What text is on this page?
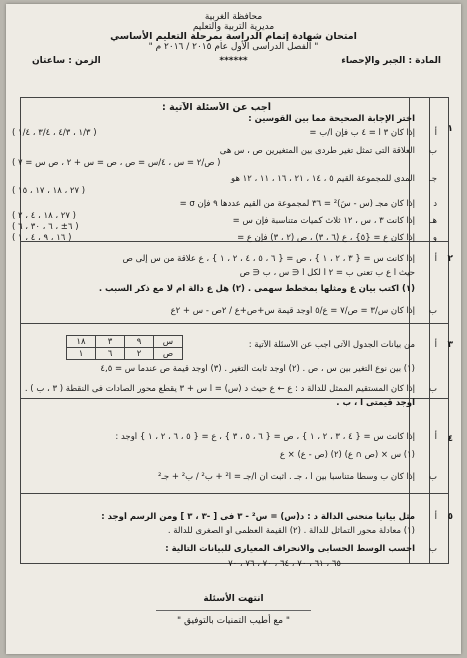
محافظة الغربية
مديرية التربية والتعليم
امتحان شهادة إتمام الدراسة بمرحلة التعليم الأساسي
" الفصل الدراسى الأول عام ٢٠١٥ / ٢٠١٦ م "
المادة : الجبر والإحصاء
******
الزمن : ساعتان
أجب عن الأسئلة الآتية :
١
اختر الإجابة الصحيحة مما بين القوسين :
أ
إذا كان ٣ أ = ٤ ب فإن أ/ب =
( ١/٣ ، ٤/٣ ، ٣/٤ ، ١/٤ )
ب
العلاقة التى تمثل تغير طردى بين المتغيرين ص ، س هى
( ص/٢ = س ، ٤/س = ص ، ص = س + ٢ ، ص س = ٧ )
جـ
المدى للمجموعة القيم ٥ ، ١٤ ، ٢١ ، ١٦ ، ١١ ، ١٢ هو
( ٢٧ ، ١٨ ، ١٧ ، ١٥ )
د
إذا كان مجـ (س - سَ)² = ٣٦ لمجموعة من القيم عددها ٩ فإن σ =
( ٢٧ ، ١٨ ، ٤ ، ٢ )	هـ
إذا كانت ٣ ، س ، ١٢ ثلاث كميات متناسبة فإن س =
( ٦± ، ٦ ، ٣٠ ، ٦ )
و
إذا كان ع = {٥} ، ع (٦ ، ٣) ، ص (٢ ، ٣) فإن ع =
( ١٦ ، ٩ ، ٤ ، ١ )
٢
أ
إذا كانت س = { ٣ ، ٢ ، ١ } ، ص = { ٦ ، ٥ ، ٤ ، ٢ ، ١ } ، ع علاقة من س إلى ص
حيث أ ع ب تعنى ب = ٢ أ لكل أ ∈ س ، ب ∈ ص
(١) اكتب بيان ع ومثلها بمخطط سهمى . (٢) هل ع دالة أم لا مع ذكر السبب .
ب
إذا كان س/٣ = ص/٧ = ع/٥ أوجد قيمة س+ص+ع / ٢ص - س + ٢ع
٣
أ
من بيانات الجدول الآتى أجب عن الأسئلة الآتية :
س	٩	٣	١٨
ص	٢	٦	١
(١) بين نوع التغير بين س ، ص . (٢) أوجد ثابت التغير . (٣) أوجد قيمة ص عندما س = ٤,٥
ب
إذا كان المستقيم الممثل للدالة د : ع ← ع حيث د (س) = أ س + ٣ يقطع محور الصادات فى النقطة ( ٣ ، ب ) .
أوجد قيمتى أ ، ب .
٤
أ
إذا كانت س = { ٤ ، ٣ ، ٢ ، ١ } ، ص = { ٦ ، ٥ ، ٣ } ، ع = { ٥ ، ٦ ، ٢ ، ١ } أوجد :
(١) س × (ص ∩ ع) (٢) (ص - ع) × ع
ب
إذا كان ب وسطاً متناسباً بين أ ، جـ . أثبت أن أ/جـ = أ² + ب² / ب² + جـ²
٥
أ
مثل بيانياً منحنى الدالة د : د(س) = س² - ٣ فى [ -٣ ، ٣ ] ومن الرسم أوجد :
(١) معادلة محور التماثل للدالة . (٢) القيمة العظمى أو الصغرى للدالة .
ب
احسب الوسط الحسابى والانحراف المعيارى للبيانات التالية :
٦٥ ، ٦١ ، ٧٠ ، ٦٤ ، ٧٠ ، ٧٦ ، ٧٠
انتهت الأسئلة
" مع أطيب التمنيات بالتوفيق "
